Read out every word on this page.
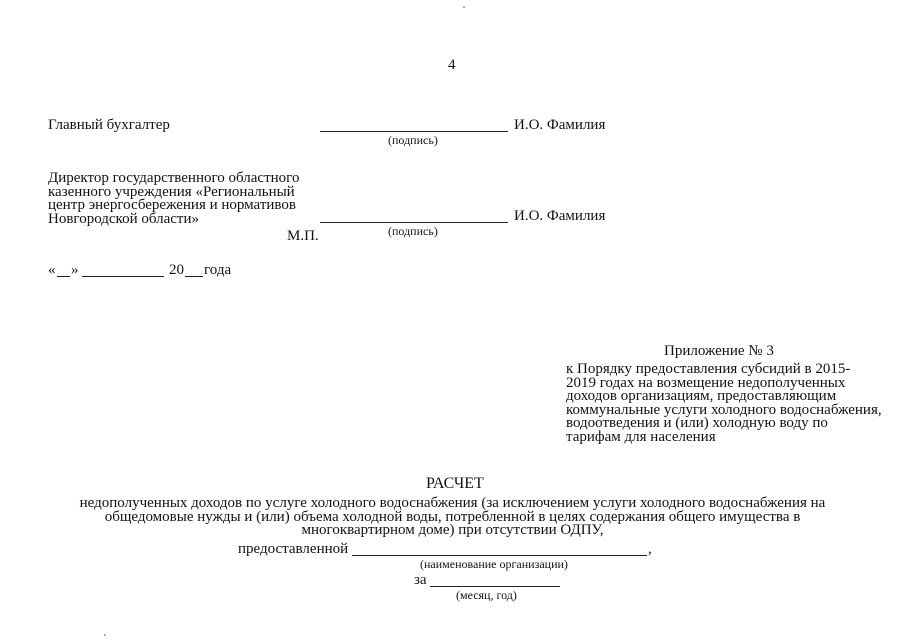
4
Главный бухгалтер	И.О. Фамилия
(подпись)
Директор государственного областного
казенного учреждения «Региональный
центр энергосбережения и нормативов
Новгородской области»	И.О. Фамилия
(подпись)
М.П.
« »	20 года
Приложение № 3
к Порядку предоставления субсидий в 2015-
2019 годах на возмещение недополученных
доходов организациям, предоставляющим
коммунальные услуги холодного водоснабжения,
водоотведения и (или) холодную воду по
тарифам для населения
РАСЧЕТ
недополученных доходов по услуге холодного водоснабжения (за исключением услуги холодного водоснабжения на
общедомовые нужды и (или) объема холодной воды, потребленной в целях содержания общего имущества в
многоквартирном доме) при отсутствии ОДПУ,
предоставленной	,
(наименование организации)
за
(месяц, год)
